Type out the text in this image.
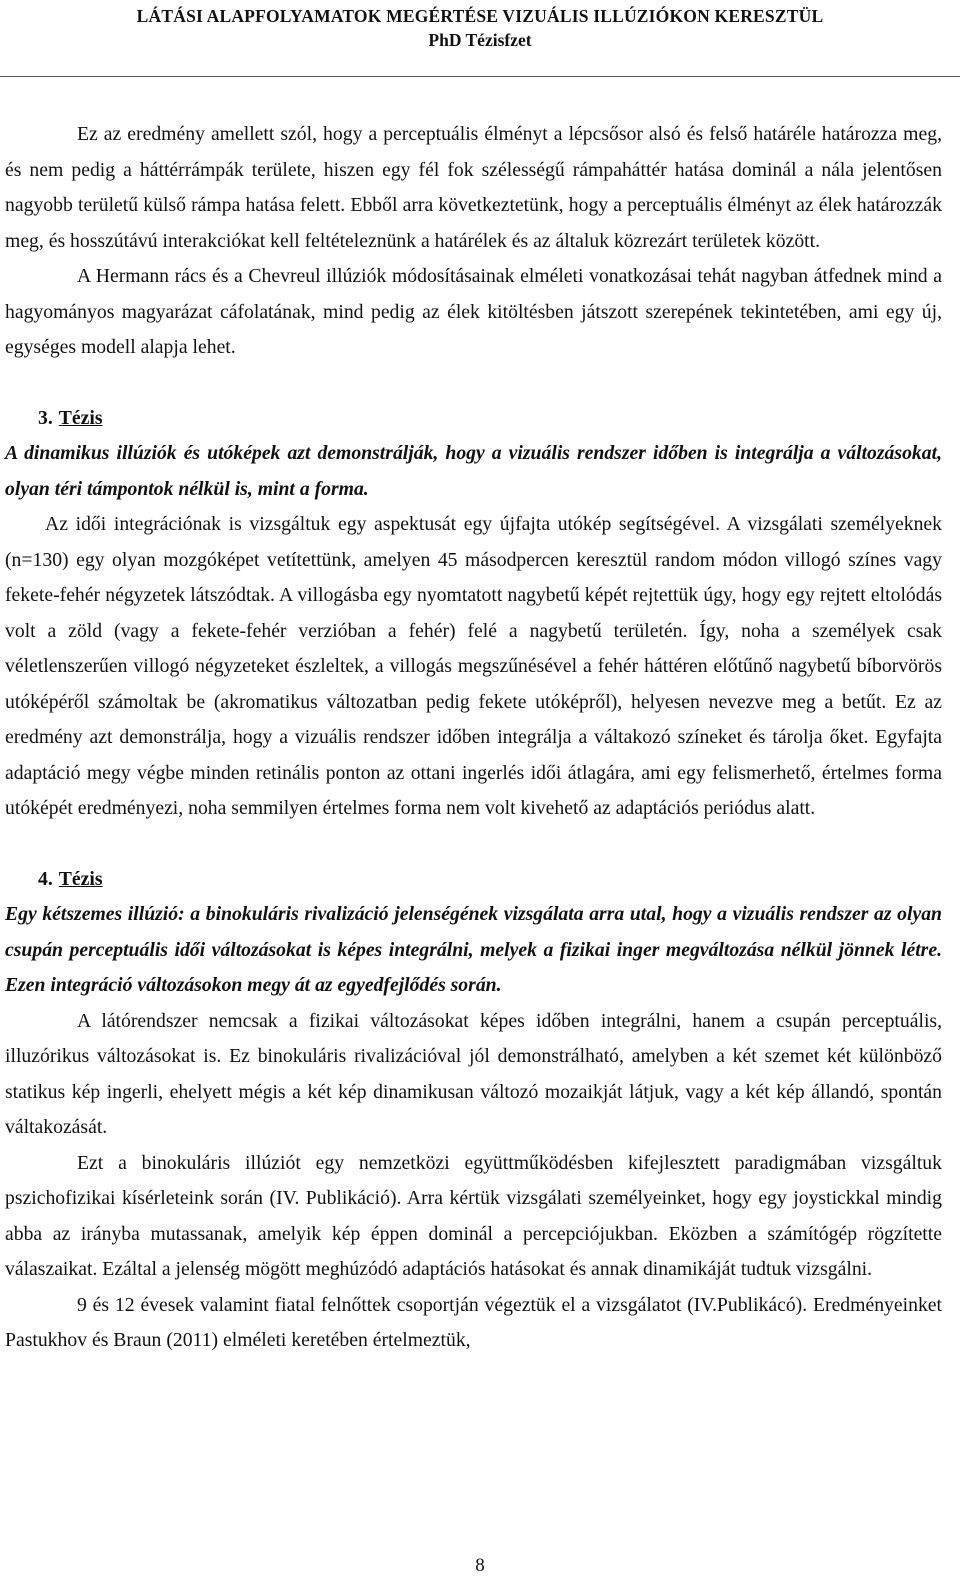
LÁTÁSI ALAPFOLYAMATOK MEGÉRTÉSE VIZUÁLIS ILLÚZIÓKON KERESZTÜL
PhD Tézisfzet

Ez az eredmény amellett szól, hogy a perceptuális élményt a lépcsősor alsó és felső határéle határozza meg, és nem pedig a háttérrámpák területe, hiszen egy fél fok szélességű rámpaháttér hatása dominál a nála jelentősen nagyobb területű külső rámpa hatása felett. Ebből arra következtetünk, hogy a perceptuális élményt az élek határozzák meg, és hosszútávú interakciókat kell feltételeznünk a határélek és az általuk közrezárt területek között.

A Hermann rács és a Chevreul illúziók módosításainak elméleti vonatkozásai tehát nagyban átfednek mind a hagyományos magyarázat cáfolatának, mind pedig az élek kitöltésben játszott szerepének tekintetében, ami egy új, egységes modell alapja lehet.

3. Tézis

A dinamikus illúziók és utóképek azt demonstrálják, hogy a vizuális rendszer időben is integrálja a változásokat, olyan téri támpontok nélkül is, mint a forma.

Az idői integrációnak is vizsgáltuk egy aspektusát egy újfajta utókép segítségével. A vizsgálati személyeknek (n=130) egy olyan mozgóképet vetítettünk, amelyen 45 másodpercen keresztül random módon villogó színes vagy fekete-fehér négyzetek látszódtak. A villogásba egy nyomtatott nagybetű képét rejtettük úgy, hogy egy rejtett eltolódás volt a zöld (vagy a fekete-fehér verzióban a fehér) felé a nagybetű területén. Így, noha a személyek csak véletlenszerűen villogó négyzeteket észleltek, a villogás megszűnésével a fehér háttéren előtűnő nagybetű bíborvörös utóképéről számoltak be (akromatikus változatban pedig fekete utóképről), helyesen nevezve meg a betűt. Ez az eredmény azt demonstrálja, hogy a vizuális rendszer időben integrálja a váltakozó színeket és tárolja őket. Egyfajta adaptáció megy végbe minden retinális ponton az ottani ingerlés idői átlagára, ami egy felismerhető, értelmes forma utóképét eredményezi, noha semmilyen értelmes forma nem volt kivehető az adaptációs periódus alatt.

4. Tézis

Egy kétszemes illúzió: a binokuláris rivalizáció jelenségének vizsgálata arra utal, hogy a vizuális rendszer az olyan csupán perceptuális idői változásokat is képes integrálni, melyek a fizikai inger megváltozása nélkül jönnek létre. Ezen integráció változásokon megy át az egyedfejlődés során.

A látórendszer nemcsak a fizikai változásokat képes időben integrálni, hanem a csupán perceptuális, illuzórikus változásokat is. Ez binokuláris rivalizációval jól demonstrálható, amelyben a két szemet két különböző statikus kép ingerli, ehelyett mégis a két kép dinamikusan változó mozaikját látjuk, vagy a két kép állandó, spontán váltakozását.

Ezt a binokuláris illúziót egy nemzetközi együttműködésben kifejlesztett paradigmában vizsgáltuk pszichofizikai kísérleteink során (IV. Publikáció). Arra kértük vizsgálati személyeinket, hogy egy joystickkal mindig abba az irányba mutassanak, amelyik kép éppen dominál a percepciójukban. Eközben a számítógép rögzítette válaszaikat. Ezáltal a jelenség mögött meghúzódó adaptációs hatásokat és annak dinamikáját tudtuk vizsgálni.

9 és 12 évesek valamint fiatal felnőttek csoportján végeztük el a vizsgálatot (IV.Publikácó). Eredményeinket Pastukhov és Braun (2011) elméleti keretében értelmeztük,

8
